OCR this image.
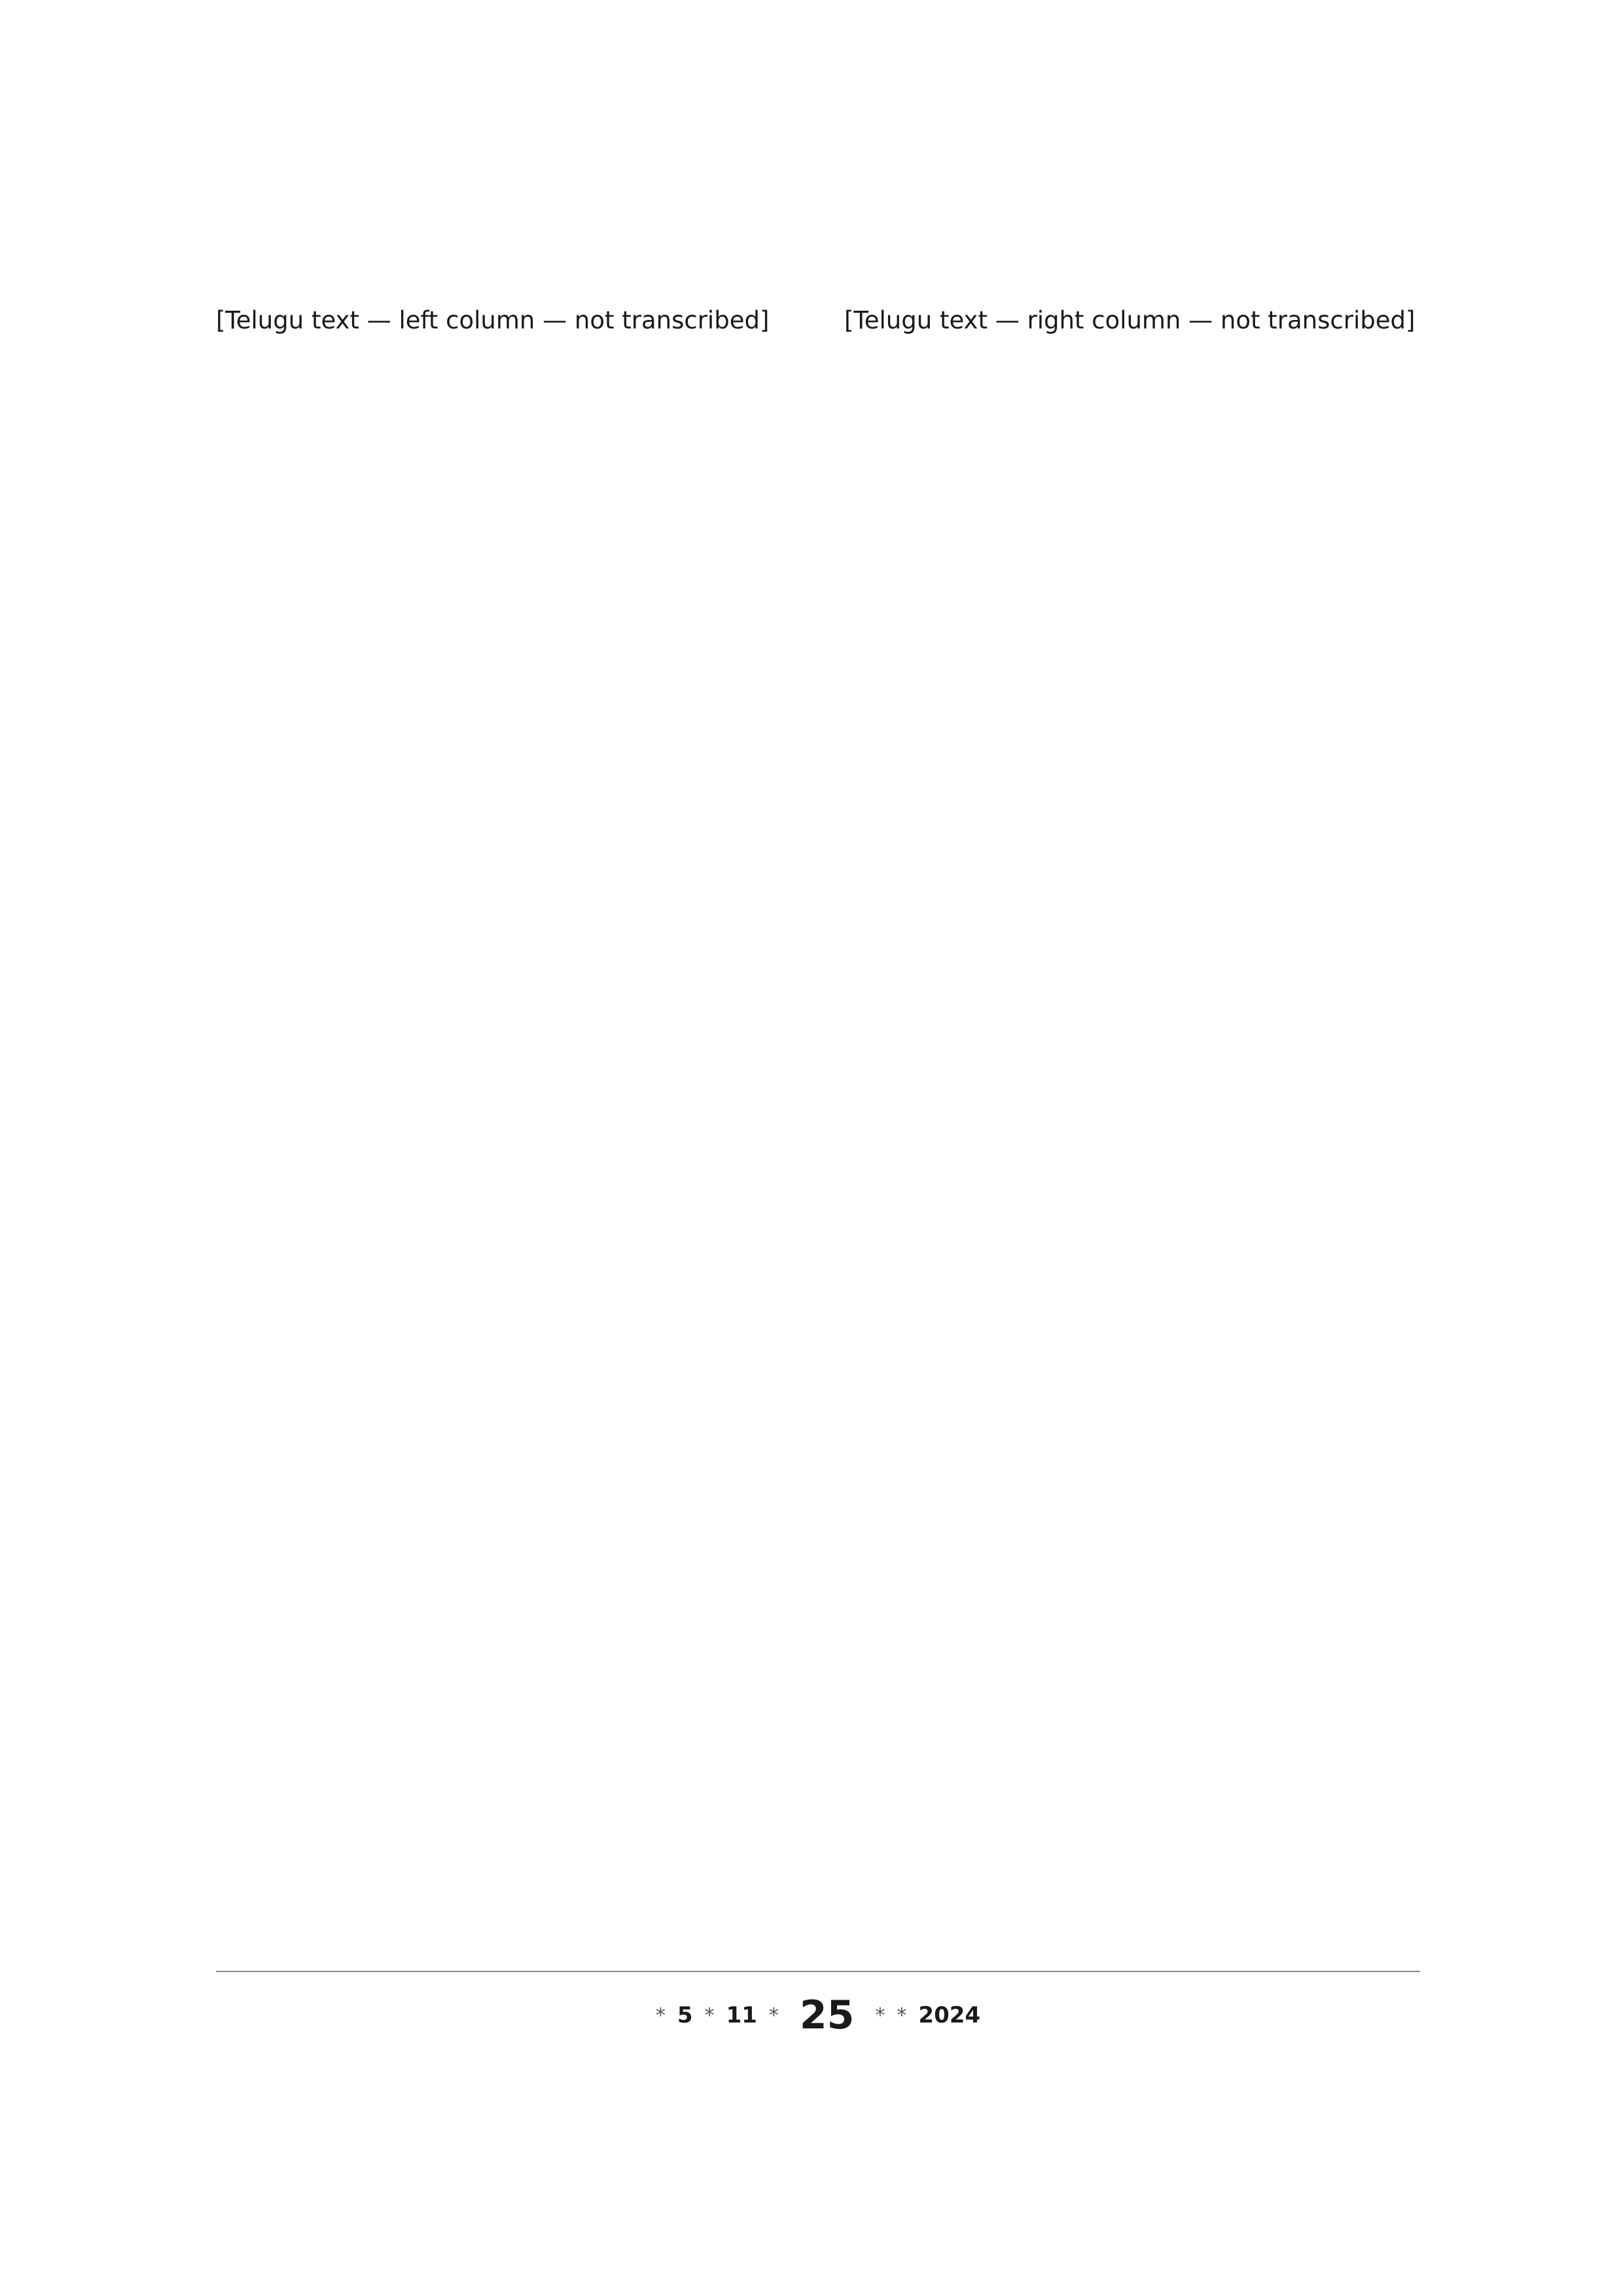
[Telugu text — left column — not transcribed]	[Telugu text — right column — not transcribed]

* 5 * 11 * 25 * * 2024
